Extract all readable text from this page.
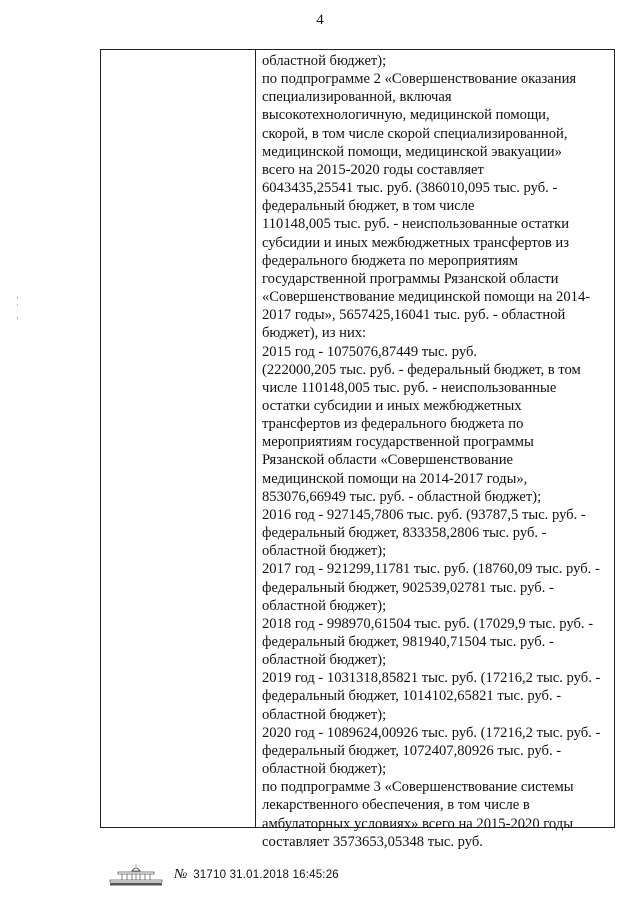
4
·
˙
·
областной бюджет);
по подпрограмме 2 «Совершенствование оказания
специализированной, включая
высокотехнологичную, медицинской помощи,
скорой, в том числе скорой специализированной,
медицинской помощи, медицинской эвакуации»
всего на 2015-2020 годы составляет
6043435,25541 тыс. руб. (386010,095 тыс. руб. -
федеральный бюджет, в том числе
110148,005 тыс. руб. - неиспользованные остатки
субсидии и иных межбюджетных трансфертов из
федерального бюджета по мероприятиям
государственной программы Рязанской области
«Совершенствование медицинской помощи на 2014-
2017 годы», 5657425,16041 тыс. руб. - областной
бюджет), из них:
2015 год - 1075076,87449 тыс. руб.
(222000,205 тыс. руб. - федеральный бюджет, в том
числе 110148,005 тыс. руб. - неиспользованные
остатки субсидии и иных межбюджетных
трансфертов из федерального бюджета по
мероприятиям государственной программы
Рязанской области «Совершенствование
медицинской помощи на 2014-2017 годы»,
853076,66949 тыс. руб. - областной бюджет);
2016 год - 927145,7806 тыс. руб. (93787,5 тыс. руб. -
федеральный бюджет, 833358,2806 тыс. руб. -
областной бюджет);
2017 год - 921299,11781 тыс. руб. (18760,09 тыс. руб. -
федеральный бюджет, 902539,02781 тыс. руб. -
областной бюджет);
2018 год - 998970,61504 тыс. руб. (17029,9 тыс. руб. -
федеральный бюджет, 981940,71504 тыс. руб. -
областной бюджет);
2019 год - 1031318,85821 тыс. руб. (17216,2 тыс. руб. -
федеральный бюджет, 1014102,65821 тыс. руб. -
областной бюджет);
2020 год - 1089624,00926 тыс. руб. (17216,2 тыс. руб. -
федеральный бюджет, 1072407,80926 тыс. руб. -
областной бюджет);
по подпрограмме 3 «Совершенствование системы
лекарственного обеспечения, в том числе в
амбулаторных условиях» всего на 2015-2020 годы
составляет 3573653,05348 тыс. руб.
№ 31710 31.01.2018 16:45:26
